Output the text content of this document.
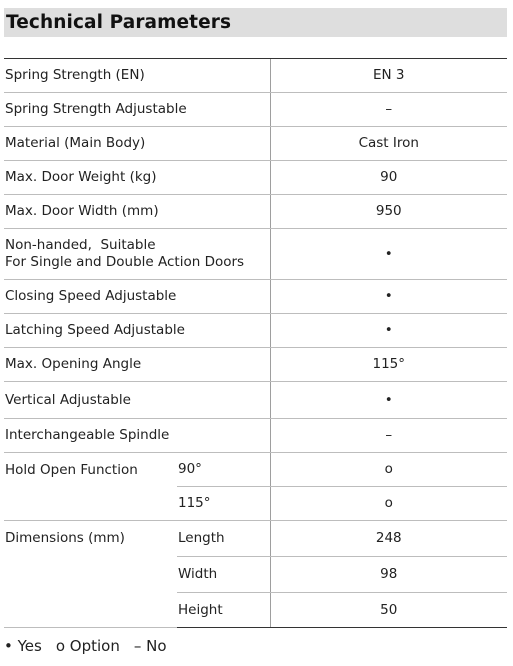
Technical Parameters
Spring Strength (EN)		EN 3
Spring Strength Adjustable		–
Material (Main Body)		Cast Iron
Max. Door Weight (kg)		90
Max. Door Width (mm)		950

Non-handed,  Suitable
For Single and Double Action Doors		•
Closing Speed Adjustable		•
Latching Speed Adjustable		•
Max. Opening Angle		115°
Vertical Adjustable		•
Interchangeable Spindle		–
Hold Open Function	90°	o
	115°	o
Dimensions (mm)	Length	248
	Width	98
	Height	50
• Yes o Option – No
